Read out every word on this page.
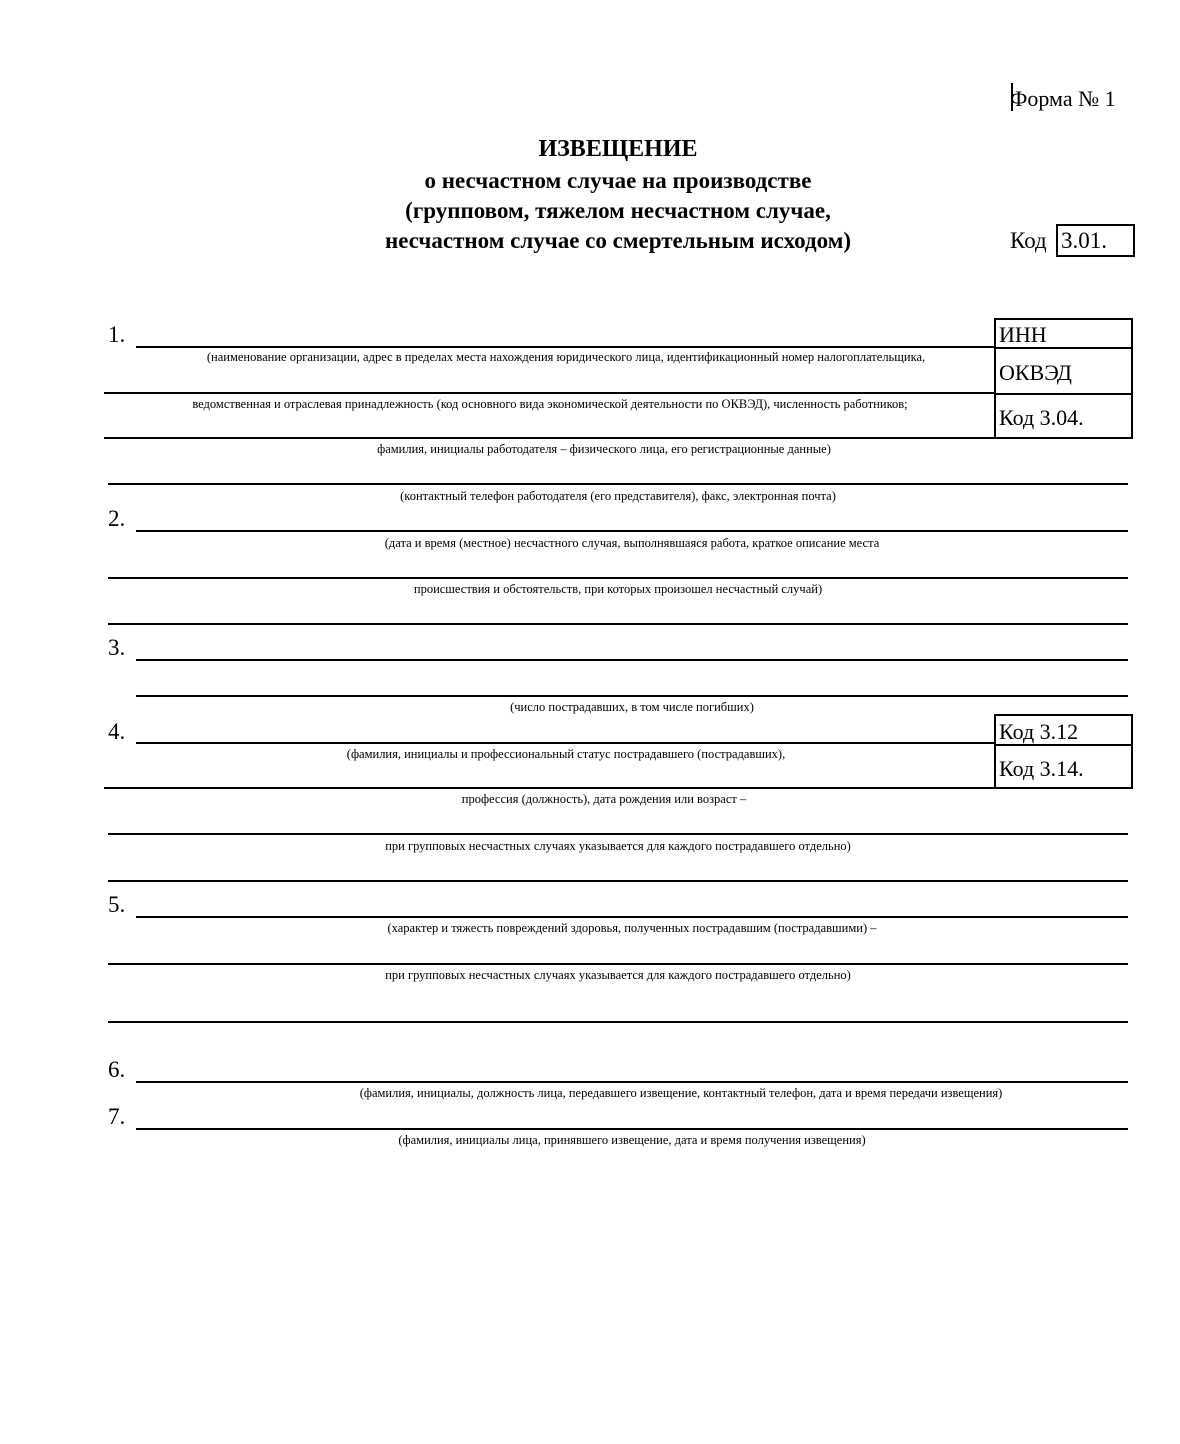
Форма № 1
ИЗВЕЩЕНИЕ
о несчастном случае на производстве
(групповом, тяжелом несчастном случае,
несчастном случае со смертельным исходом)	Код 3.01.
1.
(наименование организации, адрес в пределах места нахождения юридического лица, идентификационный номер налогоплательщика,
ведомственная и отраслевая принадлежность (код основного вида экономической деятельности по ОКВЭД), численность работников;
ИНН
ОКВЭД
Код 3.04.
фамилия, инициалы работодателя – физического лица, его регистрационные данные)
(контактный телефон работодателя (его представителя), факс, электронная почта)
2.
(дата и время (местное) несчастного случая, выполнявшаяся работа, краткое описание места
происшествия и обстоятельств, при которых произошел несчастный случай)
3.
(число пострадавших, в том числе погибших)
4.
(фамилия, инициалы и профессиональный статус пострадавшего (пострадавших),
Код 3.12
Код 3.14.
профессия (должность), дата рождения или возраст –
при групповых несчастных случаях указывается для каждого пострадавшего отдельно)
5.
(характер и тяжесть повреждений здоровья, полученных пострадавшим (пострадавшими) –
при групповых несчастных случаях указывается для каждого пострадавшего отдельно)
6.
(фамилия, инициалы, должность лица, передавшего извещение, контактный телефон, дата и время передачи извещения)
7.
(фамилия, инициалы лица, принявшего извещение, дата и время получения извещения)
